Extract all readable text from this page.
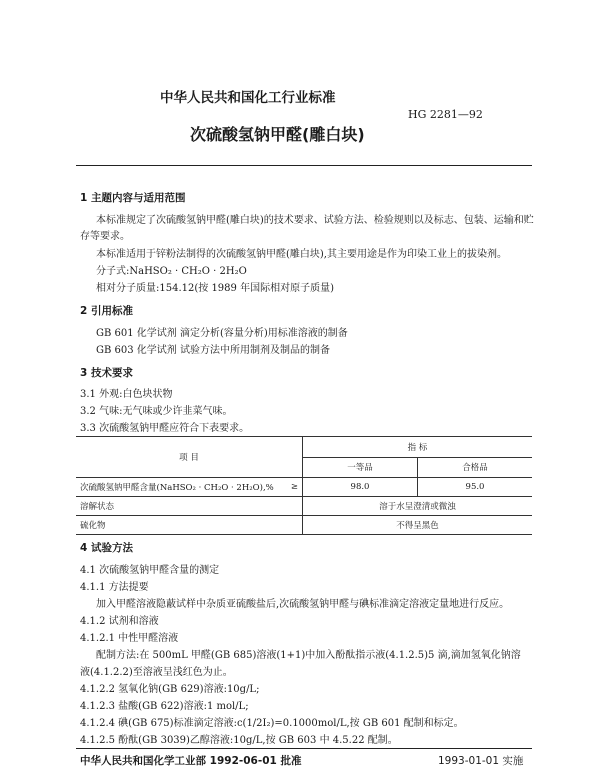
中华人民共和国化工行业标准
HG 2281—92
次硫酸氢钠甲醛(雕白块)
1 主题内容与适用范围
本标准规定了次硫酸氢钠甲醛(雕白块)的技术要求、试验方法、检验规则以及标志、包装、运输和贮
存等要求。
本标准适用于锌粉法制得的次硫酸氢钠甲醛(雕白块),其主要用途是作为印染工业上的拔染剂。
分子式:NaHSO₂ · CH₂O · 2H₂O
相对分子质量:154.12(按 1989 年国际相对原子质量)
2 引用标准
GB 601 化学试剂 滴定分析(容量分析)用标准溶液的制备
GB 603 化学试剂 试验方法中所用制剂及制品的制备
3 技术要求
3.1 外观:白色块状物
3.2 气味:无气味或少许韭菜气味。
3.3 次硫酸氢钠甲醛应符合下表要求。
项 目		指 标	
		一等品	合格品
次硫酸氢钠甲醛含量(NaHSO₂ · CH₂O · 2H₂O),%	≥	98.0	95.0
溶解状态		溶于水呈澄清或微浊	
硫化物		不得呈黑色	
4 试验方法
4.1 次硫酸氢钠甲醛含量的测定
4.1.1 方法提要
加入甲醛溶液隐蔽试样中杂质亚硫酸盐后,次硫酸氢钠甲醛与碘标准滴定溶液定量地进行反应。
4.1.2 试剂和溶液
4.1.2.1 中性甲醛溶液
配制方法:在 500mL 甲醛(GB 685)溶液(1+1)中加入酚酞指示液(4.1.2.5)5 滴,滴加氢氧化钠溶
液(4.1.2.2)至溶液呈浅红色为止。
4.1.2.2 氢氧化钠(GB 629)溶液:10g/L;
4.1.2.3 盐酸(GB 622)溶液:1 mol/L;
4.1.2.4 碘(GB 675)标准滴定溶液:c(1/2I₂)=0.1000mol/L,按 GB 601 配制和标定。
4.1.2.5 酚酞(GB 3039)乙醇溶液:10g/L,按 GB 603 中 4.5.22 配制。
中华人民共和国化学工业部 1992-06-01 批准	1993-01-01 实施
